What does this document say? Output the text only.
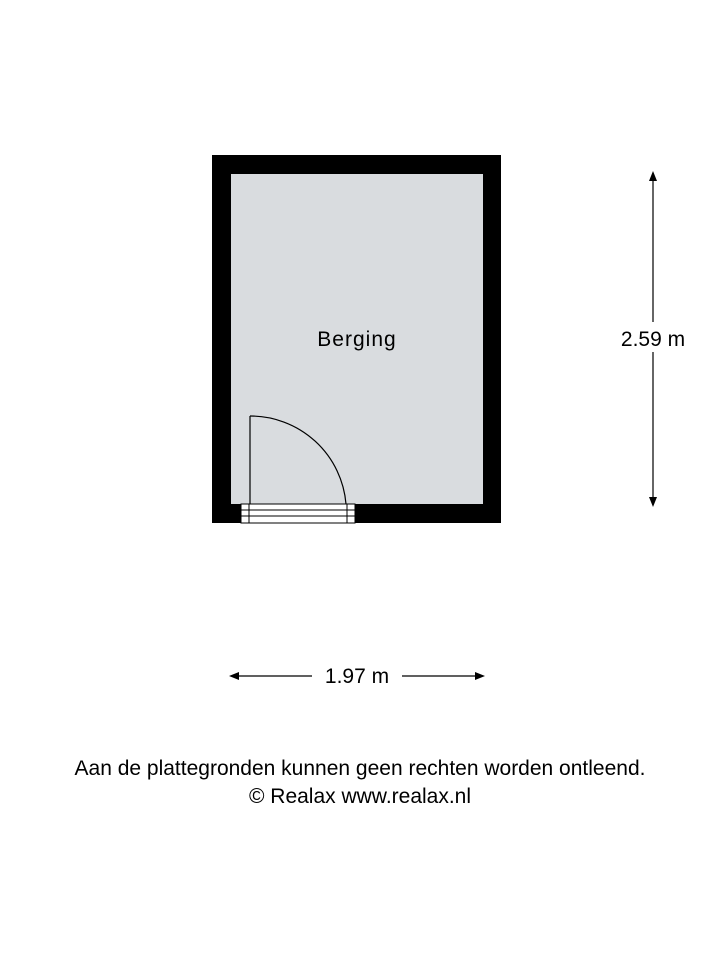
Berging	2.59 m
1.97 m
Aan de plattegronden kunnen geen rechten worden ontleend.
© Realax www.realax.nl
